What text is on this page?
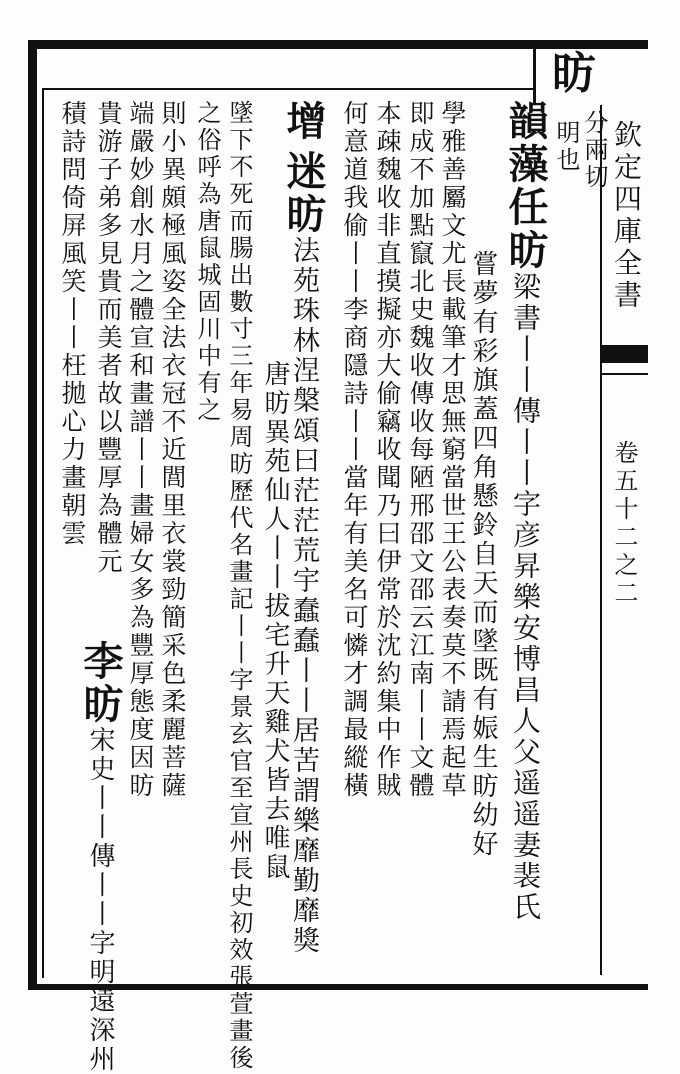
欽定四庫全書
卷五十二之二
昉
分兩切
明也
韻藻任昉梁書丨丨傳丨丨字彦昇樂安博昌人父遥遥妻裴氏
嘗夢有彩旗蓋四角懸鈴自天而墜既有娠生昉幼好
學雅善屬文尤長載筆才思無窮當世王公表奏莫不請焉起草
即成不加點竄北史魏收傳收每陋邢邵文邵云江南丨丨文體
本疎魏收非直摸擬亦大偷竊收聞乃曰伊常於沈約集中作賊
何意道我偷丨丨李商隱詩丨丨當年有美名可憐才調最縱橫
增
迷昉法苑珠林涅槃頌曰茫茫荒宇蠢蠢丨丨居苦謂樂靡勤靡獎
唐昉異苑仙人丨丨拔宅升天雞犬皆去唯鼠
墜下不死而腸出數寸三年易周昉歷代名畫記丨丨字景玄官至宣州長史初效張萱畫後
之俗呼為唐鼠城固川中有之
則小異頗極風姿全法衣冠不近閭里衣裳勁簡采色柔麗菩薩
端嚴妙創水月之體宣和畫譜丨丨畫婦女多為豐厚態度因昉
貴游子弟多見貴而美者故以豐厚為體元
李昉宋史丨丨傳丨丨字明遠深州
積詩問倚屏風笑丨丨枉拋心力畫朝雲
